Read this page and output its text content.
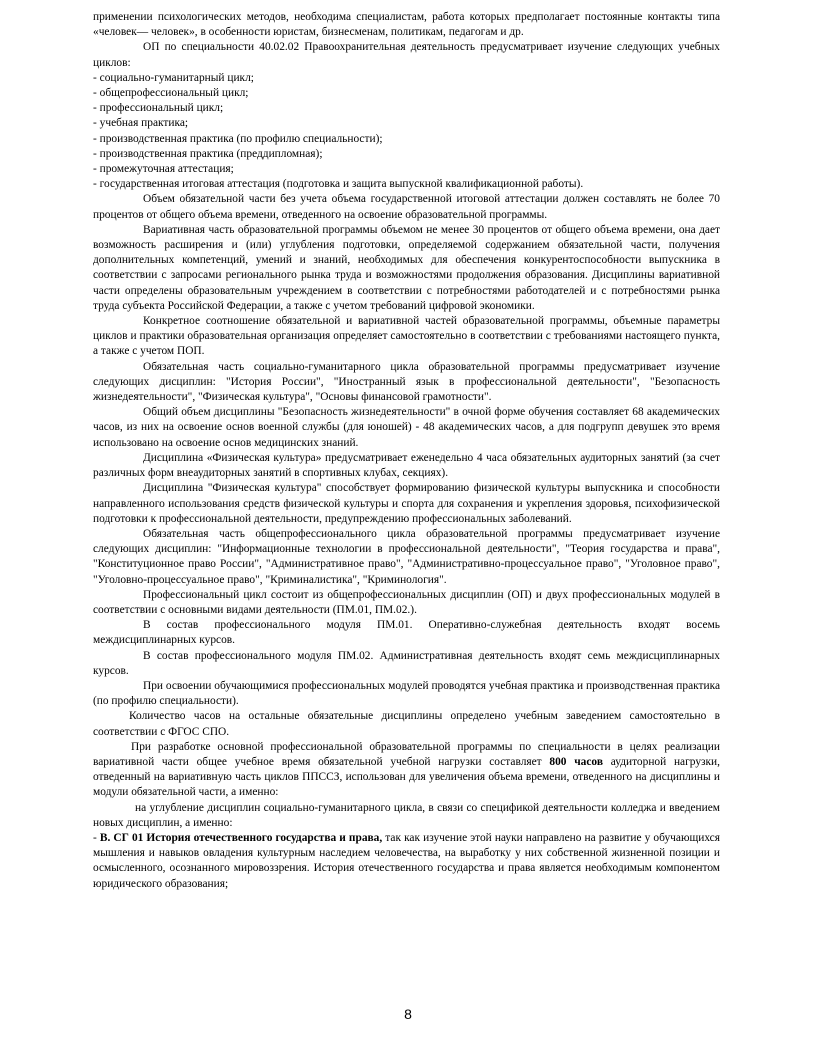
применении психологических методов, необходима специалистам, работа которых предполагает постоянные контакты типа «человек— человек», в особенности юристам, бизнесменам, политикам, педагогам и др.

ОП по специальности 40.02.02 Правоохранительная деятельность предусматривает изучение следующих учебных циклов:

- социально-гуманитарный цикл;

- общепрофессиональный цикл;

- профессиональный цикл;

- учебная практика;

- производственная практика (по профилю специальности);

- производственная практика (преддипломная);

- промежуточная аттестация;

- государственная итоговая аттестация (подготовка и защита выпускной квалификационной работы).

Объем обязательной части без учета объема государственной итоговой аттестации должен составлять не более 70 процентов от общего объема времени, отведенного на освоение образовательной программы.

Вариативная часть образовательной программы объемом не менее 30 процентов от общего объема времени, она дает возможность расширения и (или) углубления подготовки, определяемой содержанием обязательной части, получения дополнительных компетенций, умений и знаний, необходимых для обеспечения конкурентоспособности выпускника в соответствии с запросами регионального рынка труда и возможностями продолжения образования. Дисциплины вариативной части определены образовательным учреждением в соответствии с потребностями работодателей и с потребностями рынка труда субъекта Российской Федерации, а также с учетом требований цифровой экономики.

Конкретное соотношение обязательной и вариативной частей образовательной программы, объемные параметры циклов и практики образовательная организация определяет самостоятельно в соответствии с требованиями настоящего пункта, а также с учетом ПОП.

Обязательная часть социально-гуманитарного цикла образовательной программы предусматривает изучение следующих дисциплин: "История России", "Иностранный язык в профессиональной деятельности", "Безопасность жизнедеятельности", "Физическая культура", "Основы финансовой грамотности".

Общий объем дисциплины "Безопасность жизнедеятельности" в очной форме обучения составляет 68 академических часов, из них на освоение основ военной службы (для юношей) - 48 академических часов, а для подгрупп девушек это время использовано на освоение основ медицинских знаний.

Дисциплина «Физическая культура» предусматривает еженедельно 4 часа обязательных аудиторных занятий (за счет различных форм внеаудиторных занятий в спортивных клубах, секциях).

Дисциплина "Физическая культура" способствует формированию физической культуры выпускника и способности направленного использования средств физической культуры и спорта для сохранения и укрепления здоровья, психофизической подготовки к профессиональной деятельности, предупреждению профессиональных заболеваний.

Обязательная часть общепрофессионального цикла образовательной программы предусматривает изучение следующих дисциплин: "Информационные технологии в профессиональной деятельности", "Теория государства и права", "Конституционное право России", "Административное право", "Административно-процессуальное право", "Уголовное право", "Уголовно-процессуальное право", "Криминалистика", "Криминология".

Профессиональный цикл состоит из общепрофессиональных дисциплин (ОП) и двух профессиональных модулей в соответствии с основными видами деятельности (ПМ.01, ПМ.02.).

В состав профессионального модуля ПМ.01. Оперативно-служебная деятельность входят восемь междисциплинарных курсов.

В состав профессионального модуля ПМ.02. Административная деятельность входят семь междисциплинарных курсов.

При освоении обучающимися профессиональных модулей проводятся учебная практика и производственная практика (по профилю специальности).

Количество часов на остальные обязательные дисциплины определено учебным заведением самостоятельно в соответствии с ФГОС СПО.

При разработке основной профессиональной образовательной программы по специальности в целях реализации вариативной части общее учебное время обязательной учебной нагрузки составляет 800 часов аудиторной нагрузки, отведенный на вариативную часть циклов ППССЗ, использован для увеличения объема времени, отведенного на дисциплины и модули обязательной части, а именно:

на углубление дисциплин социально-гуманитарного цикла, в связи со спецификой деятельности колледжа и введением новых дисциплин, а именно:

- В. СГ 01 История отечественного государства и права, так как изучение этой науки направлено на развитие у обучающихся мышления и навыков овладения культурным наследием человечества, на выработку у них собственной жизненной позиции и осмысленного, осознанного мировоззрения. История отечественного государства и права является необходимым компонентом юридического образования;

8
